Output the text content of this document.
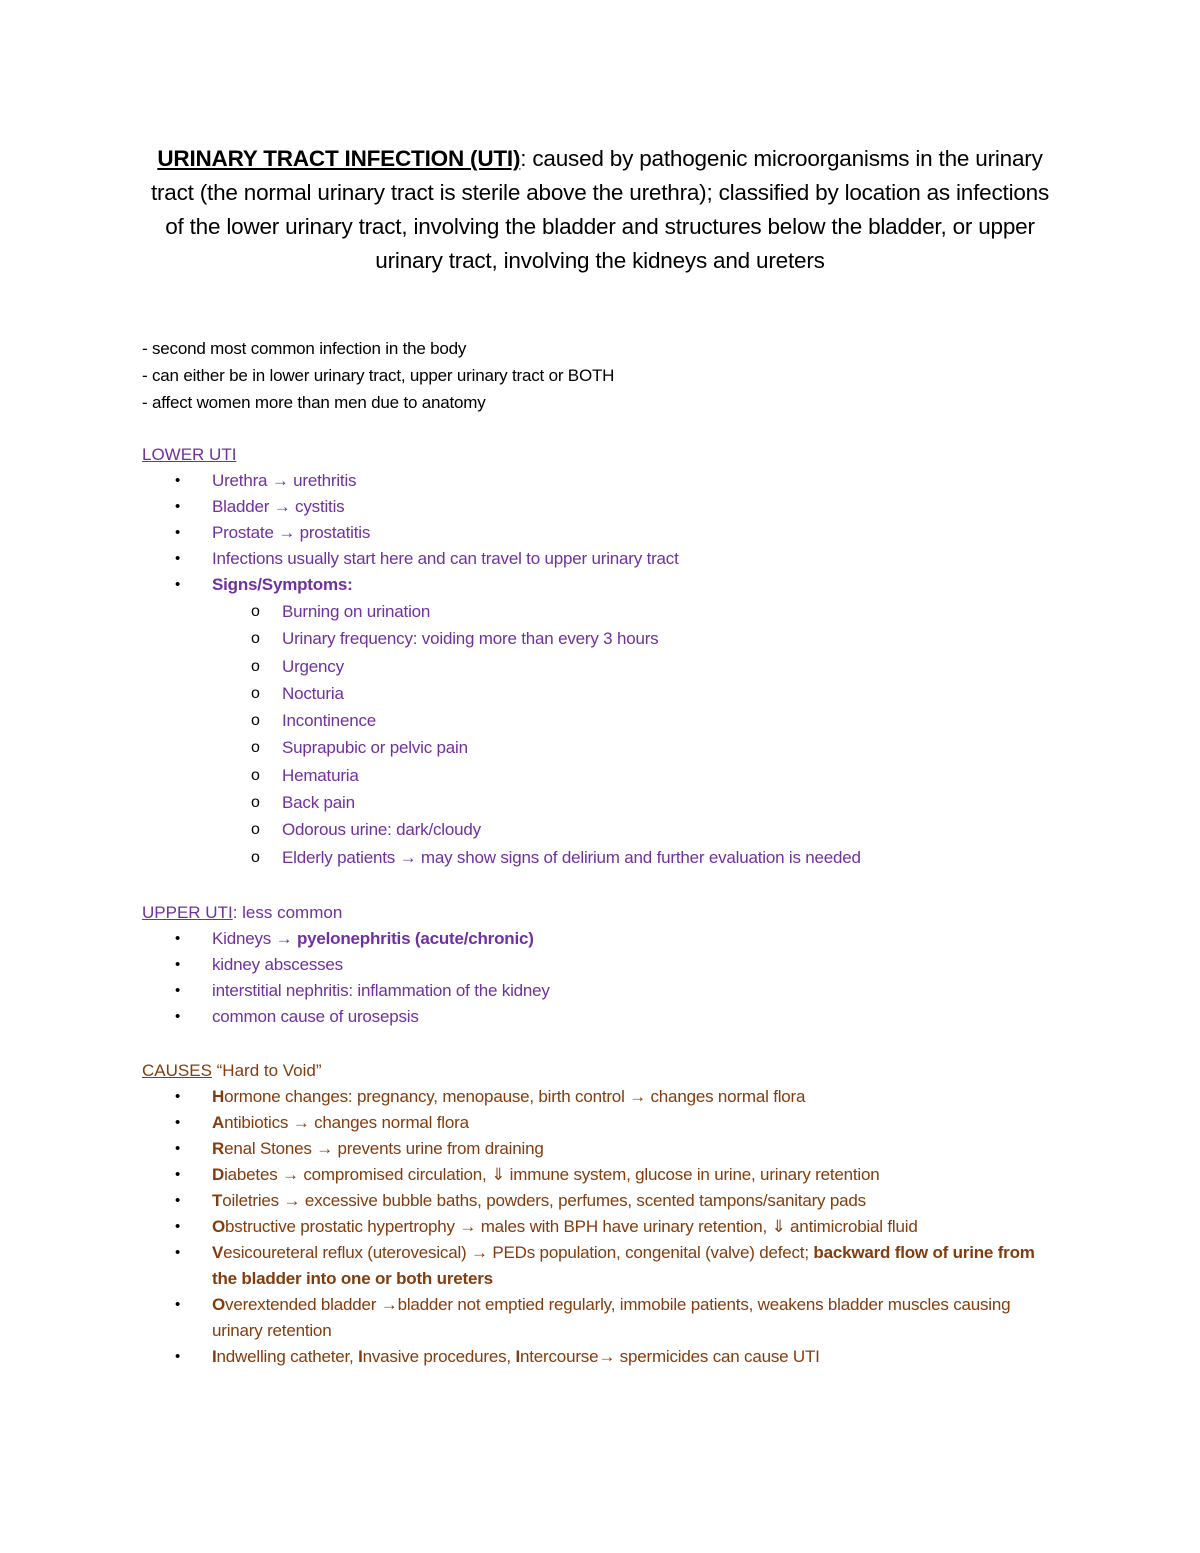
URINARY TRACT INFECTION (UTI): caused by pathogenic microorganisms in the urinary tract (the normal urinary tract is sterile above the urethra); classified by location as infections of the lower urinary tract, involving the bladder and structures below the bladder, or upper urinary tract, involving the kidneys and ureters
- second most common infection in the body
- can either be in lower urinary tract, upper urinary tract or BOTH
- affect women more than men due to anatomy
LOWER UTI
• Urethra → urethritis
• Bladder → cystitis
• Prostate → prostatitis
• Infections usually start here and can travel to upper urinary tract
• Signs/Symptoms:
o Burning on urination
o Urinary frequency: voiding more than every 3 hours
o Urgency
o Nocturia
o Incontinence
o Suprapubic or pelvic pain
o Hematuria
o Back pain
o Odorous urine: dark/cloudy
o Elderly patients → may show signs of delirium and further evaluation is needed
UPPER UTI: less common
• Kidneys → pyelonephritis (acute/chronic)
• kidney abscesses
• interstitial nephritis: inflammation of the kidney
• common cause of urosepsis
CAUSES “Hard to Void”
• Hormone changes: pregnancy, menopause, birth control → changes normal flora
• Antibiotics → changes normal flora
• Renal Stones → prevents urine from draining
• Diabetes → compromised circulation, ⇓ immune system, glucose in urine, urinary retention
• Toiletries → excessive bubble baths, powders, perfumes, scented tampons/sanitary pads
• Obstructive prostatic hypertrophy → males with BPH have urinary retention, ⇓ antimicrobial fluid
• Vesicoureteral reflux (uterovesical) → PEDs population, congenital (valve) defect; backward flow of urine from the bladder into one or both ureters
• Overextended bladder →bladder not emptied regularly, immobile patients, weakens bladder muscles causing urinary retention
• Indwelling catheter, Invasive procedures, Intercourse→ spermicides can cause UTI
